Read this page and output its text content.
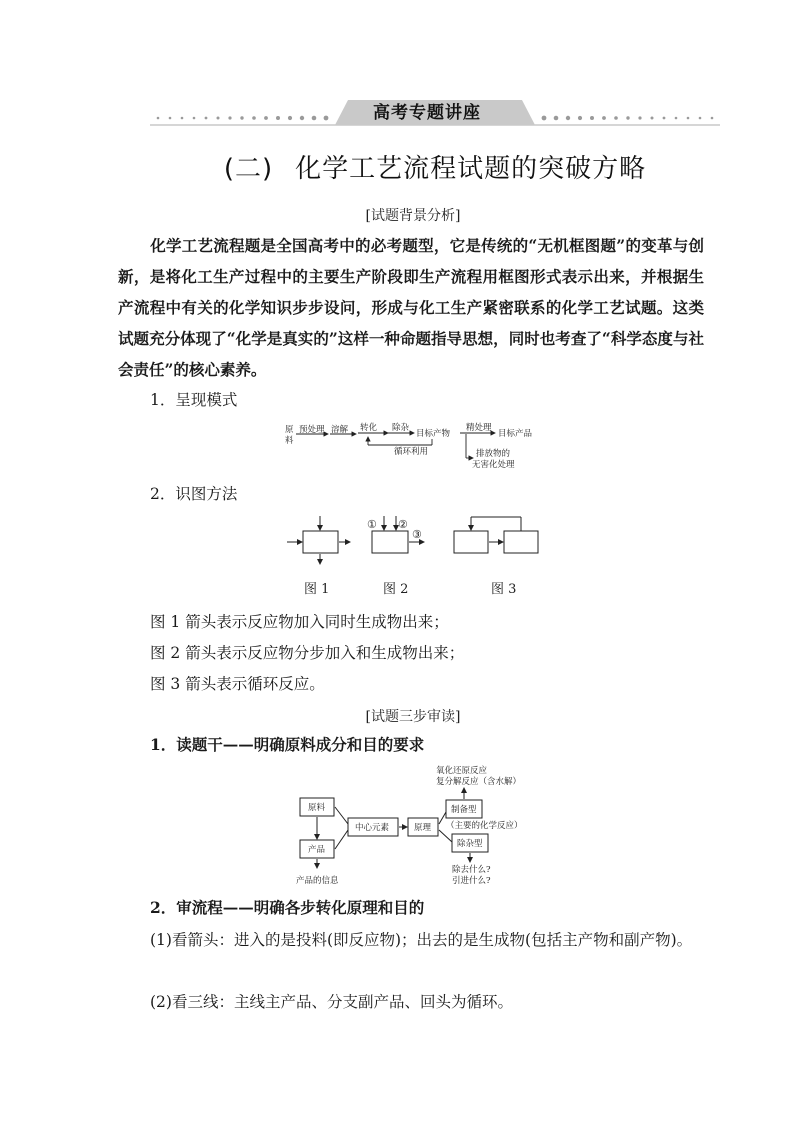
高考专题讲座
(二) 化学工艺流程试题的突破方略
[试题背景分析]

化学工艺流程题是全国高考中的必考题型，它是传统的“无机框图题”的变革与创新，是将化工生产过程中的主要生产阶段即生产流程用框图形式表示出来，并根据生产流程中有关的化学知识步步设问，形成与化工生产紧密联系的化学工艺试题。这类试题充分体现了“化学是真实的”这样一种命题指导思想，同时也考查了“科学态度与社会责任”的核心素养。

1．呈现模式
原
料
预处理 溶解 转化 除杂
目标产物
精处理
目标产品
循环利用	排放物的
无害化处理
2．识图方法
① ②
③
图 1	图 2	图 3
图 1 箭头表示反应物加入同时生成物出来；
图 2 箭头表示反应物分步加入和生成物出来；
图 3 箭头表示循环反应。
[试题三步审读]
1．读题干——明确原料成分和目的要求
原料
产品
产品的信息
中心元素	原理
制备型
除杂型
氧化还原反应
复分解反应（含水解）
（主要的化学反应）
除去什么?
引进什么?
2．审流程——明确各步转化原理和目的

(1)看箭头：进入的是投料(即反应物)；出去的是生成物(包括主产物和副产物)。

(2)看三线：主线主产品、分支副产品、回头为循环。
